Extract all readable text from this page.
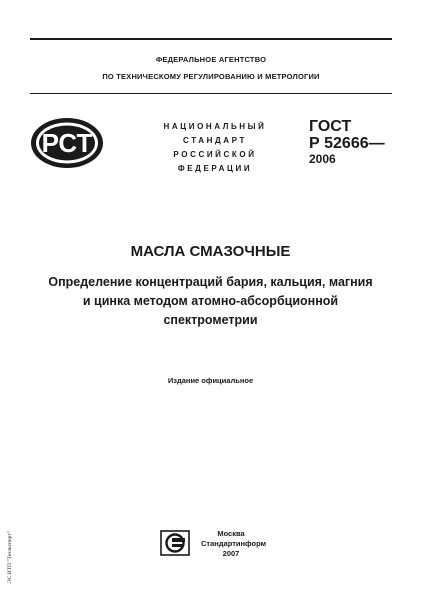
ФЕДЕРАЛЬНОЕ АГЕНТСТВО
ПО ТЕХНИЧЕСКОМУ РЕГУЛИРОВАНИЮ И МЕТРОЛОГИИ
РСТ
НАЦИОНАЛЬНЫЙ
СТАНДАРТ
РОССИЙСКОЙ
ФЕДЕРАЦИИ
ГОСТ
Р 52666—
2006
МАСЛА СМАЗОЧНЫЕ
Определение концентраций бария, кальция, магния
и цинка методом атомно-абсорбционной
спектрометрии
Издание официальное
Москва
Стандартинформ
2007
ЭС НТП "Техэксперт"
